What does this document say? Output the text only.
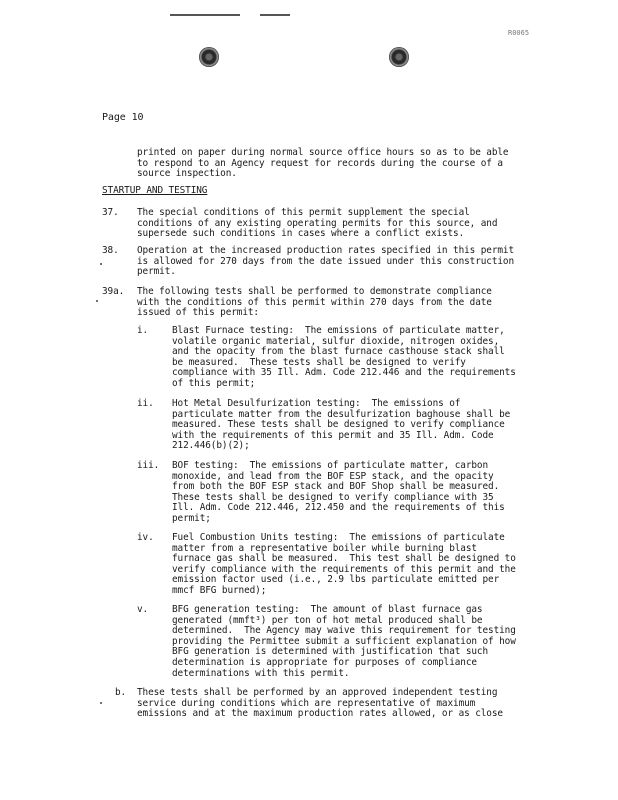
R0065
Page 10
printed on paper during normal source office hours so as to be able
to respond to an Agency request for records during the course of a
source inspection.
STARTUP AND TESTING
37. The special conditions of this permit supplement the special
conditions of any existing operating permits for this source, and
supersede such conditions in cases where a conflict exists.
38. Operation at the increased production rates specified in this permit
is allowed for 270 days from the date issued under this construction
permit.
39a. The following tests shall be performed to demonstrate compliance
with the conditions of this permit within 270 days from the date
issued of this permit:
i.	Blast Furnace testing:  The emissions of particulate matter,
volatile organic material, sulfur dioxide, nitrogen oxides,
and the opacity from the blast furnace casthouse stack shall
be measured.  These tests shall be designed to verify
compliance with 35 Ill. Adm. Code 212.446 and the requirements
of this permit;
ii. Hot Metal Desulfurization testing:  The emissions of
particulate matter from the desulfurization baghouse shall be
measured. These tests shall be designed to verify compliance
with the requirements of this permit and 35 Ill. Adm. Code
212.446(b)(2);
iii. BOF testing:  The emissions of particulate matter, carbon
monoxide, and lead from the BOF ESP stack, and the opacity
from both the BOF ESP stack and BOF Shop shall be measured.
These tests shall be designed to verify compliance with 35
Ill. Adm. Code 212.446, 212.450 and the requirements of this
permit;
iv. Fuel Combustion Units testing:  The emissions of particulate
matter from a representative boiler while burning blast
furnace gas shall be measured.  This test shall be designed to
verify compliance with the requirements of this permit and the
emission factor used (i.e., 2.9 lbs particulate emitted per
mmcf BFG burned);
v.	BFG generation testing:  The amount of blast furnace gas
generated (mmft³) per ton of hot metal produced shall be
determined.  The Agency may waive this requirement for testing
providing the Permittee submit a sufficient explanation of how
BFG generation is determined with justification that such
determination is appropriate for purposes of compliance
determinations with this permit.
b. These tests shall be performed by an approved independent testing
service during conditions which are representative of maximum
emissions and at the maximum production rates allowed, or as close
